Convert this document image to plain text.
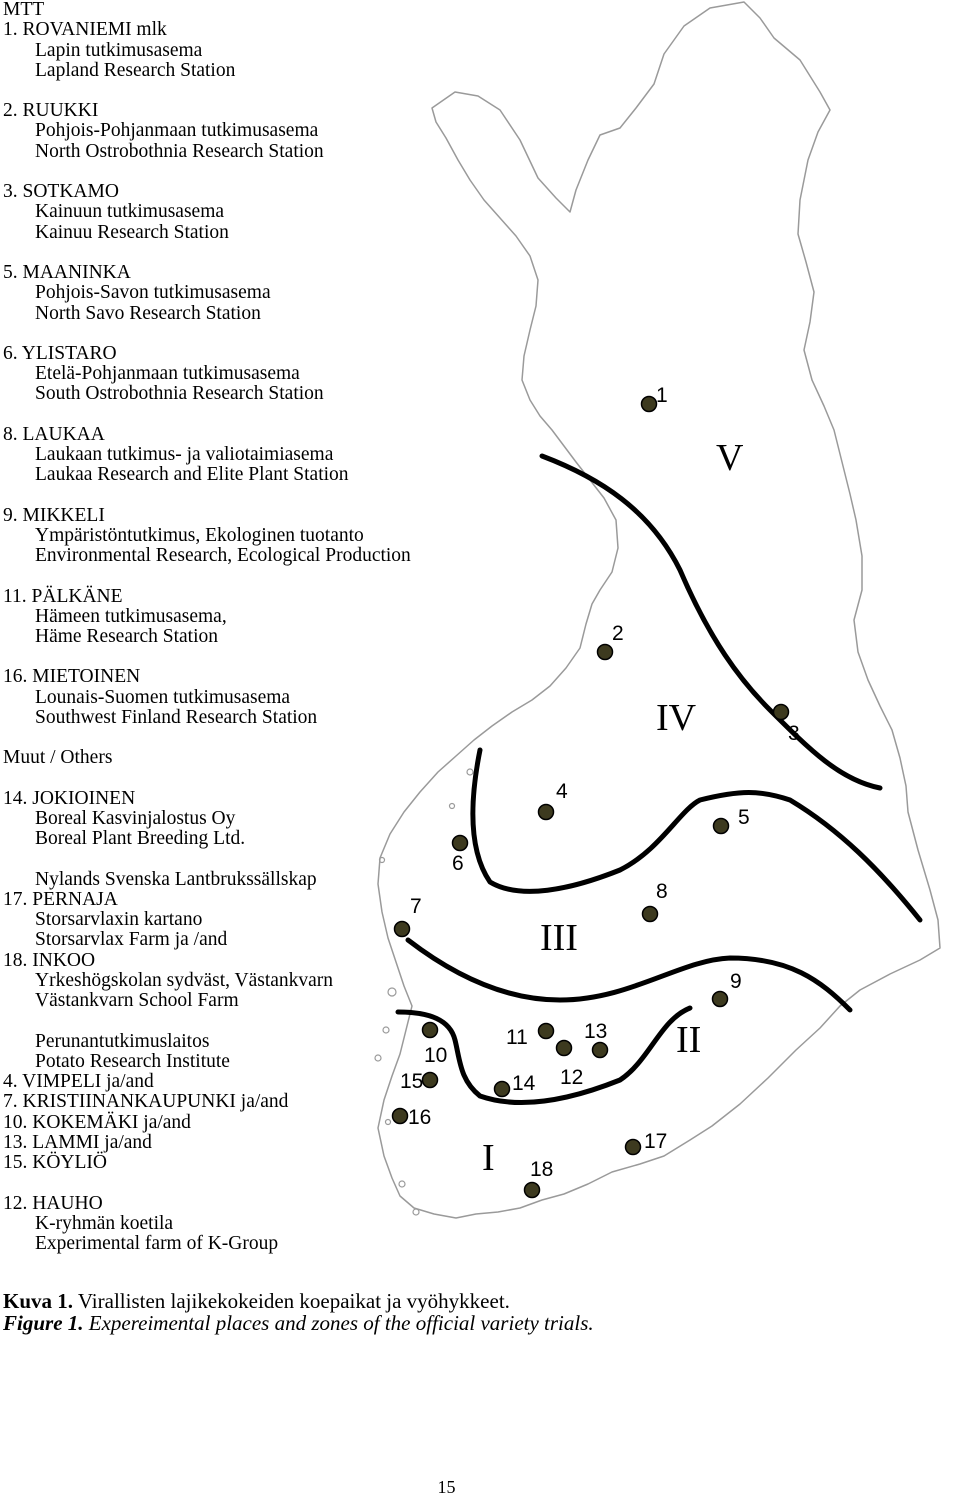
V
IV
III
II
I
1
2
3
4
5
6
7
8
9
10
11
12
13
14
15
16
17
18
MTT
1. ROVANIEMI mlk
Lapin tutkimusasema
Lapland Research Station
2. RUUKKI
Pohjois-Pohjanmaan tutkimusasema
North Ostrobothnia Research Station
3. SOTKAMO
Kainuun tutkimusasema
Kainuu Research Station
5. MAANINKA
Pohjois-Savon tutkimusasema
North Savo Research Station
6. YLISTARO
Etelä-Pohjanmaan tutkimusasema
South Ostrobothnia Research Station
8. LAUKAA
Laukaan tutkimus- ja valiotaimiasema
Laukaa Research and Elite Plant Station
9. MIKKELI
Ympäristöntutkimus, Ekologinen tuotanto
Environmental Research, Ecological Production
11. PÄLKÄNE
Hämeen tutkimusasema,
Häme Research Station
16. MIETOINEN
Lounais-Suomen tutkimusasema
Southwest Finland Research Station
Muut / Others
14. JOKIOINEN
Boreal Kasvinjalostus Oy
Boreal Plant Breeding Ltd.
Nylands Svenska Lantbrukssällskap
17. PERNAJA
Storsarvlaxin kartano
Storsarvlax Farm ja /and
18. INKOO
Yrkeshögskolan sydväst, Västankvarn
Västankvarn School Farm
Perunantutkimuslaitos
Potato Research Institute
4. VIMPELI ja/and
7. KRISTIINANKAUPUNKI ja/and
10. KOKEMÄKI ja/and
13. LAMMI ja/and
15. KÖYLIÖ
12. HAUHO
K-ryhmän koetila
Experimental farm of K-Group
Kuva 1. Virallisten lajikekokeiden koepaikat ja vyöhykkeet.
Figure 1. Expereimental places and zones of the official variety trials.
15
